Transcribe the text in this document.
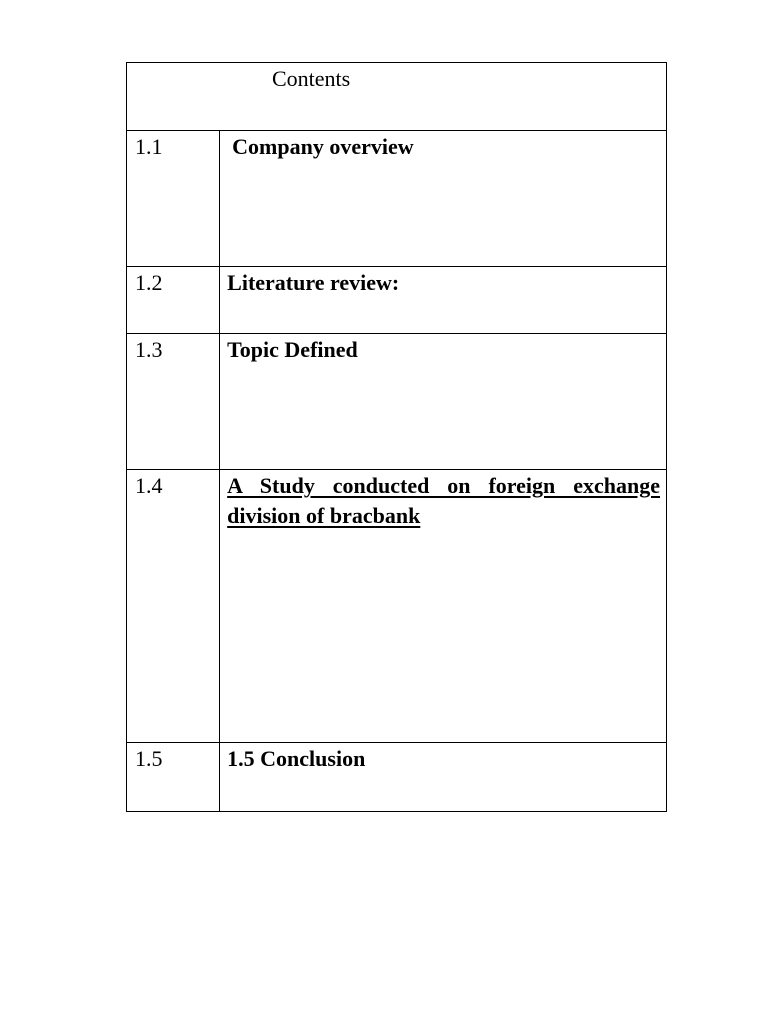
Contents	

1.1	Company overview

1.2	Literature review:

1.3	Topic Defined

1.4	A Study conducted on foreign exchange division of bracbank

1.5	1.5 Conclusion
